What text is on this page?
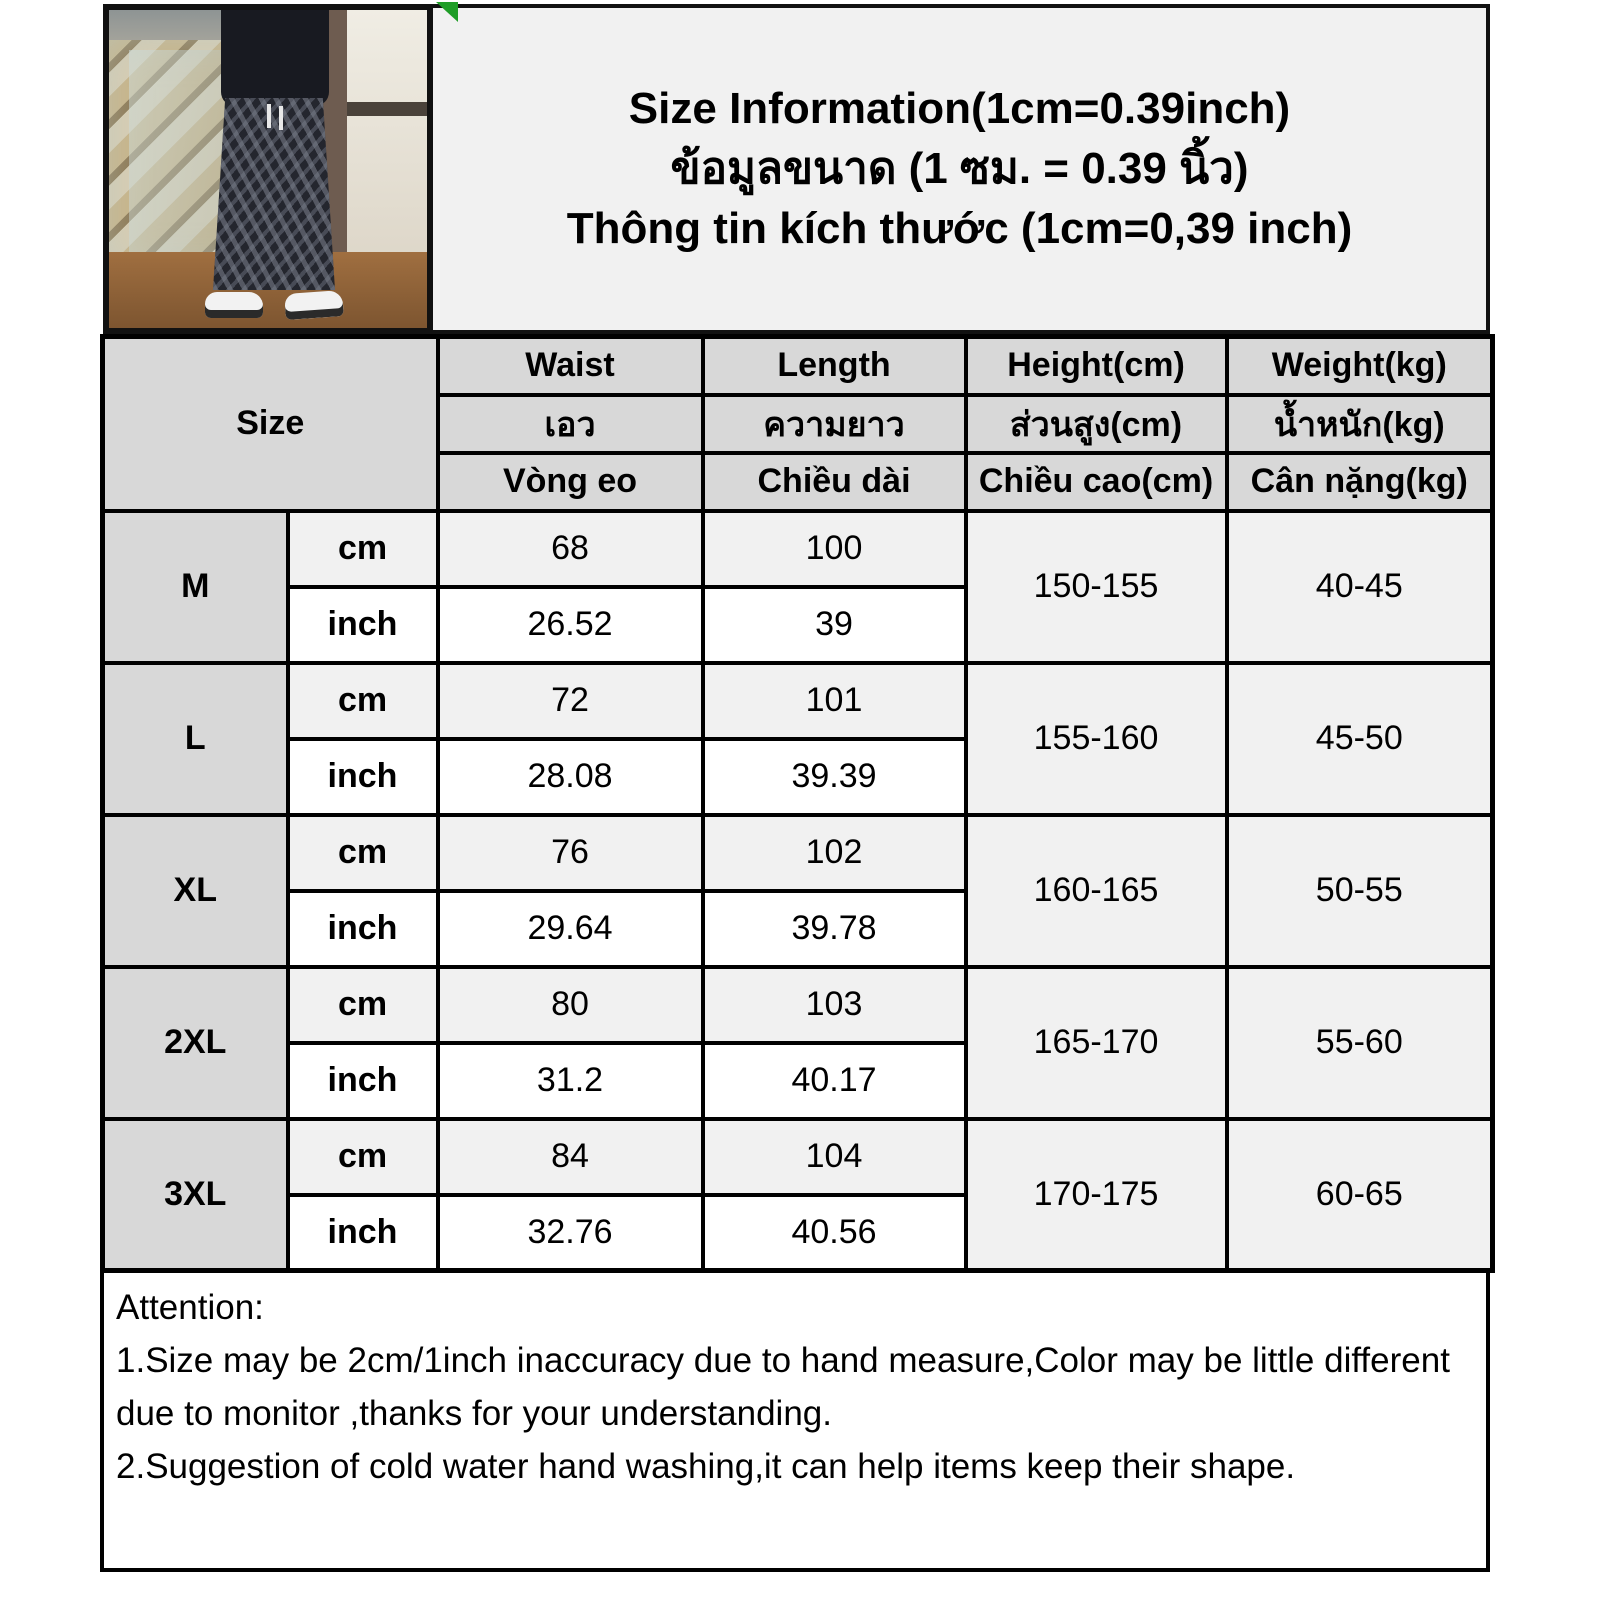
Size Information(1cm=0.39inch)
ข้อมูลขนาด (1 ซม. = 0.39 นิ้ว)
Thông tin kích thước (1cm=0,39 inch)
Size		Waist	Length	Height(cm)	Weight(kg)
		เอว	ความยาว	ส่วนสูง(cm)	น้ำหนัก(kg)
		Vòng eo	Chiều dài	Chiều cao(cm)	Cân nặng(kg)
M	cm	68	100	150-155	40-45
	inch	26.52	39		
L	cm	72	101	155-160	45-50
	inch	28.08	39.39		
XL	cm	76	102	160-165	50-55
	inch	29.64	39.78		
2XL	cm	80	103	165-170	55-60
	inch	31.2	40.17		
3XL	cm	84	104	170-175	60-65
	inch	32.76	40.56		
Attention:
1.Size may be 2cm/1inch inaccuracy due to hand measure,Color may be little different due to monitor ,thanks for your understanding.
2.Suggestion of cold water hand washing,it can help items keep their shape.
